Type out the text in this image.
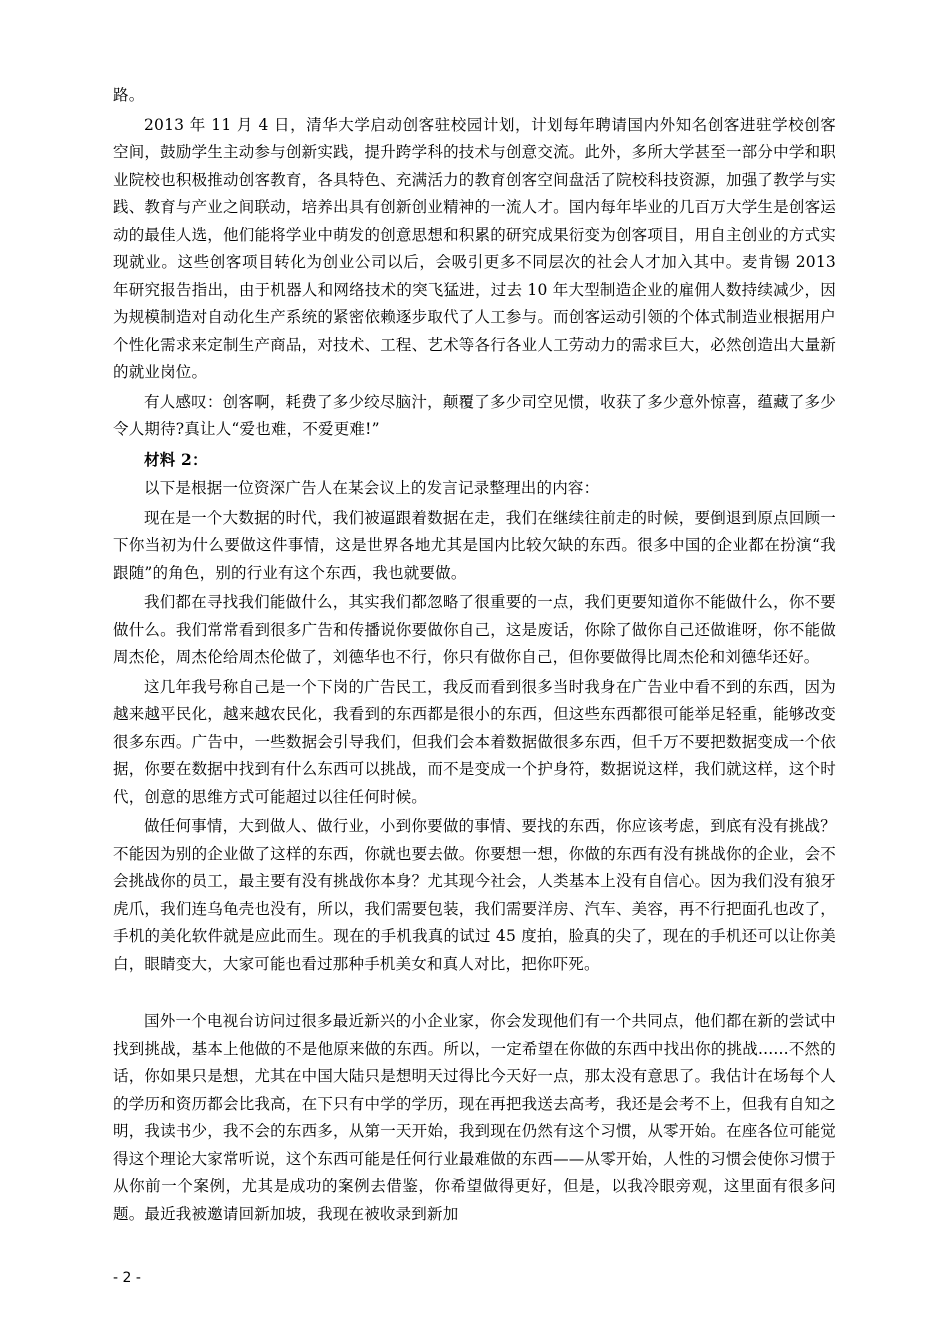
路。

2013 年 11 月 4 日，清华大学启动创客驻校园计划，计划每年聘请国内外知名创客进驻学校创客空间，鼓励学生主动参与创新实践，提升跨学科的技术与创意交流。此外，多所大学甚至一部分中学和职业院校也积极推动创客教育，各具特色、充满活力的教育创客空间盘活了院校科技资源，加强了教学与实践、教育与产业之间联动，培养出具有创新创业精神的一流人才。国内每年毕业的几百万大学生是创客运动的最佳人选，他们能将学业中萌发的创意思想和积累的研究成果衍变为创客项目，用自主创业的方式实现就业。这些创客项目转化为创业公司以后，会吸引更多不同层次的社会人才加入其中。麦肯锡 2013 年研究报告指出，由于机器人和网络技术的突飞猛进，过去 10 年大型制造企业的雇佣人数持续减少，因为规模制造对自动化生产系统的紧密依赖逐步取代了人工参与。而创客运动引领的个体式制造业根据用户个性化需求来定制生产商品，对技术、工程、艺术等各行各业人工劳动力的需求巨大，必然创造出大量新的就业岗位。

有人感叹：创客啊，耗费了多少绞尽脑汁，颠覆了多少司空见惯，收获了多少意外惊喜，蕴藏了多少令人期待?真让人“爱也难，不爱更难!”

材料 2：

以下是根据一位资深广告人在某会议上的发言记录整理出的内容：

现在是一个大数据的时代，我们被逼跟着数据在走，我们在继续往前走的时候，要倒退到原点回顾一下你当初为什么要做这件事情，这是世界各地尤其是国内比较欠缺的东西。很多中国的企业都在扮演“我跟随”的角色，别的行业有这个东西，我也就要做。

我们都在寻找我们能做什么，其实我们都忽略了很重要的一点，我们更要知道你不能做什么，你不要做什么。我们常常看到很多广告和传播说你要做你自己，这是废话，你除了做你自己还做谁呀，你不能做周杰伦，周杰伦给周杰伦做了，刘德华也不行，你只有做你自己，但你要做得比周杰伦和刘德华还好。

这几年我号称自己是一个下岗的广告民工，我反而看到很多当时我身在广告业中看不到的东西，因为越来越平民化，越来越农民化，我看到的东西都是很小的东西，但这些东西都很可能举足轻重，能够改变很多东西。广告中，一些数据会引导我们，但我们会本着数据做很多东西，但千万不要把数据变成一个依据，你要在数据中找到有什么东西可以挑战，而不是变成一个护身符，数据说这样，我们就这样，这个时代，创意的思维方式可能超过以往任何时候。

做任何事情，大到做人、做行业，小到你要做的事情、要找的东西，你应该考虑，到底有没有挑战？不能因为别的企业做了这样的东西，你就也要去做。你要想一想，你做的东西有没有挑战你的企业，会不会挑战你的员工，最主要有没有挑战你本身？尤其现今社会，人类基本上没有自信心。因为我们没有狼牙虎爪，我们连乌龟壳也没有，所以，我们需要包装，我们需要洋房、汽车、美容，再不行把面孔也改了，手机的美化软件就是应此而生。现在的手机我真的试过 45 度拍，脸真的尖了，现在的手机还可以让你美白，眼睛变大，大家可能也看过那种手机美女和真人对比，把你吓死。

国外一个电视台访问过很多最近新兴的小企业家，你会发现他们有一个共同点，他们都在新的尝试中找到挑战，基本上他做的不是他原来做的东西。所以，一定希望在你做的东西中找出你的挑战......不然的话，你如果只是想，尤其在中国大陆只是想明天过得比今天好一点，那太没有意思了。我估计在场每个人的学历和资历都会比我高，在下只有中学的学历，现在再把我送去高考，我还是会考不上，但我有自知之明，我读书少，我不会的东西多，从第一天开始，我到现在仍然有这个习惯，从零开始。在座各位可能觉得这个理论大家常听说，这个东西可能是任何行业最难做的东西——从零开始，人性的习惯会使你习惯于从你前一个案例，尤其是成功的案例去借鉴，你希望做得更好，但是，以我冷眼旁观，这里面有很多问题。最近我被邀请回新加坡，我现在被收录到新加

- 2 -
